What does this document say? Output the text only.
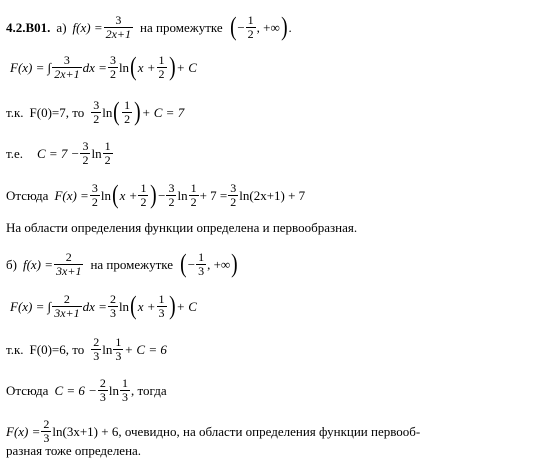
4.2.B01. а) $f(x) = \frac{3}{2x+1}$ на промежутке ( − $\frac{1}{2}$ , +∞ ) .
F(x) = ∫ $\frac{3}{2x+1}$ dx = $\frac{3}{2}$ ln ( $x + \frac{1}{2}$ ) + C
т.к. F(0)=7, то $\frac{3}{2}$ ln ( $\frac{1}{2}$ ) + C = 7
т.е. $C = 7 - \frac{3}{2}$ $\ln \frac{1}{2}$
Отсюда $F(x) = \frac{3}{2}$ ln ( $x + \frac{1}{2}$ ) − $\frac{3}{2}$ $\ln \frac{1}{2} + 7 = \frac{3}{2} \ln(2x+1) + 7$
На области определения функции определена и первообразная.
б) $f(x) = \frac{2}{3x+1}$ на промежутке ( − $\frac{1}{3}$ , +∞ )
F(x) = ∫ $\frac{2}{3x+1}$ dx = $\frac{2}{3}$ ln ( $x + \frac{1}{3}$ ) + C
т.к. F(0)=6, то $\frac{2}{3}$ $\ln \frac{1}{3} + C = 6$
Отсюда $C = 6 - \frac{2}{3}$ $\ln \frac{1}{3}$ , тогда
$F(x) = \frac{2}{3} \ln(3x+1) + 6$ , очевидно, на области определения функции первооб-
разная тоже определена.
